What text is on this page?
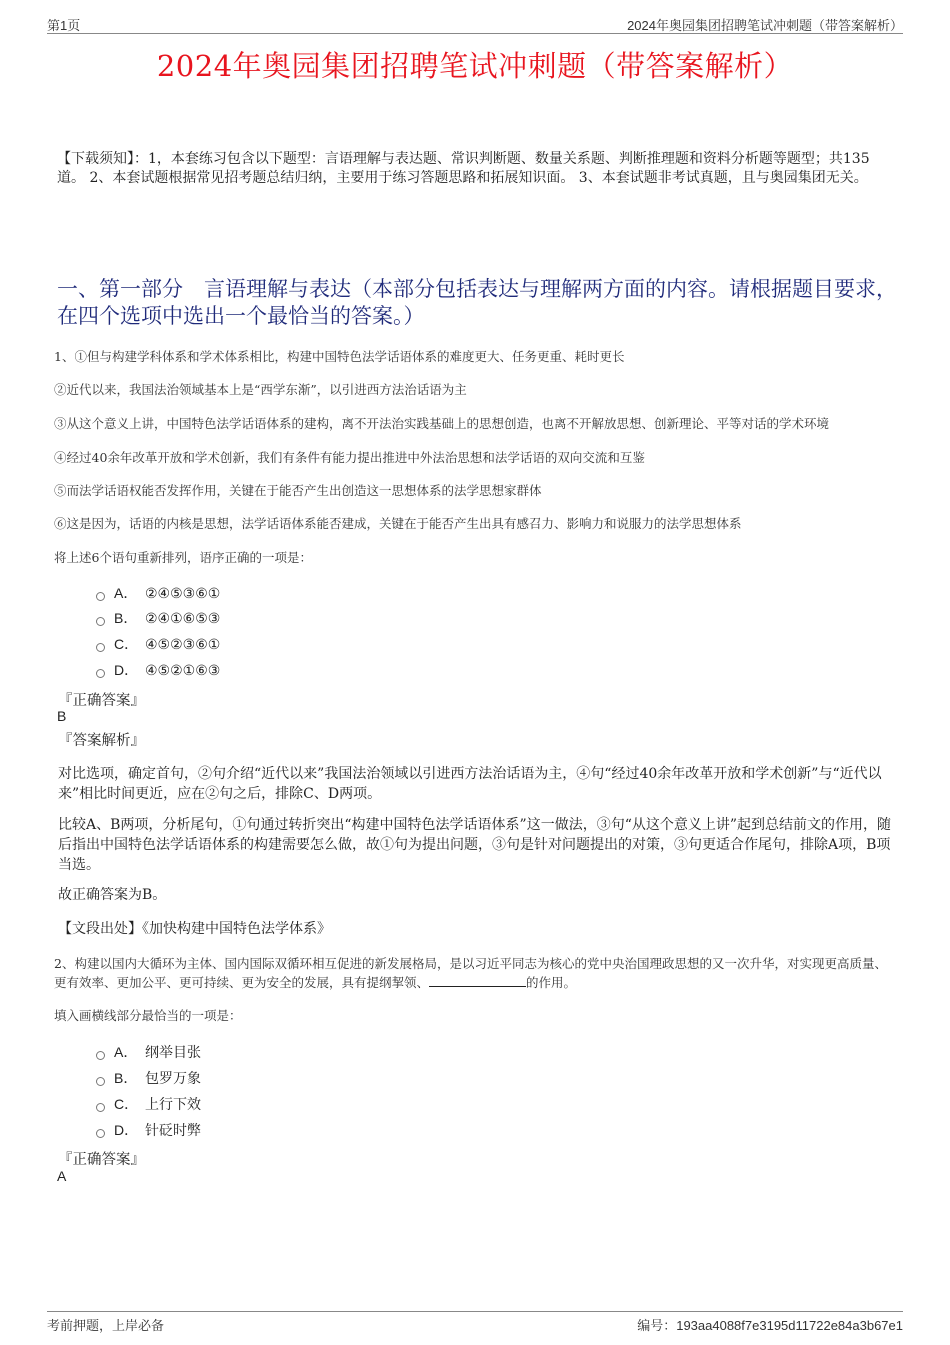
第1页	2024年奥园集团招聘笔试冲刺题（带答案解析）
2024年奥园集团招聘笔试冲刺题（带答案解析）
【下载须知】：1，本套练习包含以下题型：言语理解与表达题、常识判断题、数量关系题、判断推理题和资料分析题等题型；共135道。 2、本套试题根据常见招考题总结归纳，主要用于练习答题思路和拓展知识面。 3、本套试题非考试真题，且与奥园集团无关。
一、第一部分　言语理解与表达（本部分包括表达与理解两方面的内容。请根据题目要求，在四个选项中选出一个最恰当的答案。）
1、①但与构建学科体系和学术体系相比，构建中国特色法学话语体系的难度更大、任务更重、耗时更长
②近代以来，我国法治领域基本上是“西学东渐”，以引进西方法治话语为主
③从这个意义上讲，中国特色法学话语体系的建构，离不开法治实践基础上的思想创造，也离不开解放思想、创新理论、平等对话的学术环境
④经过40余年改革开放和学术创新，我们有条件有能力提出推进中外法治思想和法学话语的双向交流和互鉴
⑤而法学话语权能否发挥作用，关键在于能否产生出创造这一思想体系的法学思想家群体
⑥这是因为，话语的内核是思想，法学话语体系能否建成，关键在于能否产生出具有感召力、影响力和说服力的法学思想体系
将上述6个语句重新排列，语序正确的一项是：
A． ②④⑤③⑥①
B． ②④①⑥⑤③
C． ④⑤②③⑥①
D． ④⑤②①⑥③
『正确答案』
B
『答案解析』
对比选项，确定首句，②句介绍“近代以来”我国法治领域以引进西方法治话语为主，④句“经过40余年改革开放和学术创新”与“近代以来”相比时间更近，应在②句之后，排除C、D两项。
比较A、B两项，分析尾句，①句通过转折突出“构建中国特色法学话语体系”这一做法，③句“从这个意义上讲”起到总结前文的作用，随后指出中国特色法学话语体系的构建需要怎么做，故①句为提出问题，③句是针对问题提出的对策，③句更适合作尾句，排除A项，B项当选。
故正确答案为B。
【文段出处】《加快构建中国特色法学体系》
2、构建以国内大循环为主体、国内国际双循环相互促进的新发展格局，是以习近平同志为核心的党中央治国理政思想的又一次升华，对实现更高质量、更有效率、更加公平、更可持续、更为安全的发展，具有提纲挈领、	的作用。
填入画横线部分最恰当的一项是：
A． 纲举目张
B． 包罗万象
C． 上行下效
D． 针砭时弊
『正确答案』
A
考前押题，上岸必备	编号：193aa4088f7e3195d11722e84a3b67e1
